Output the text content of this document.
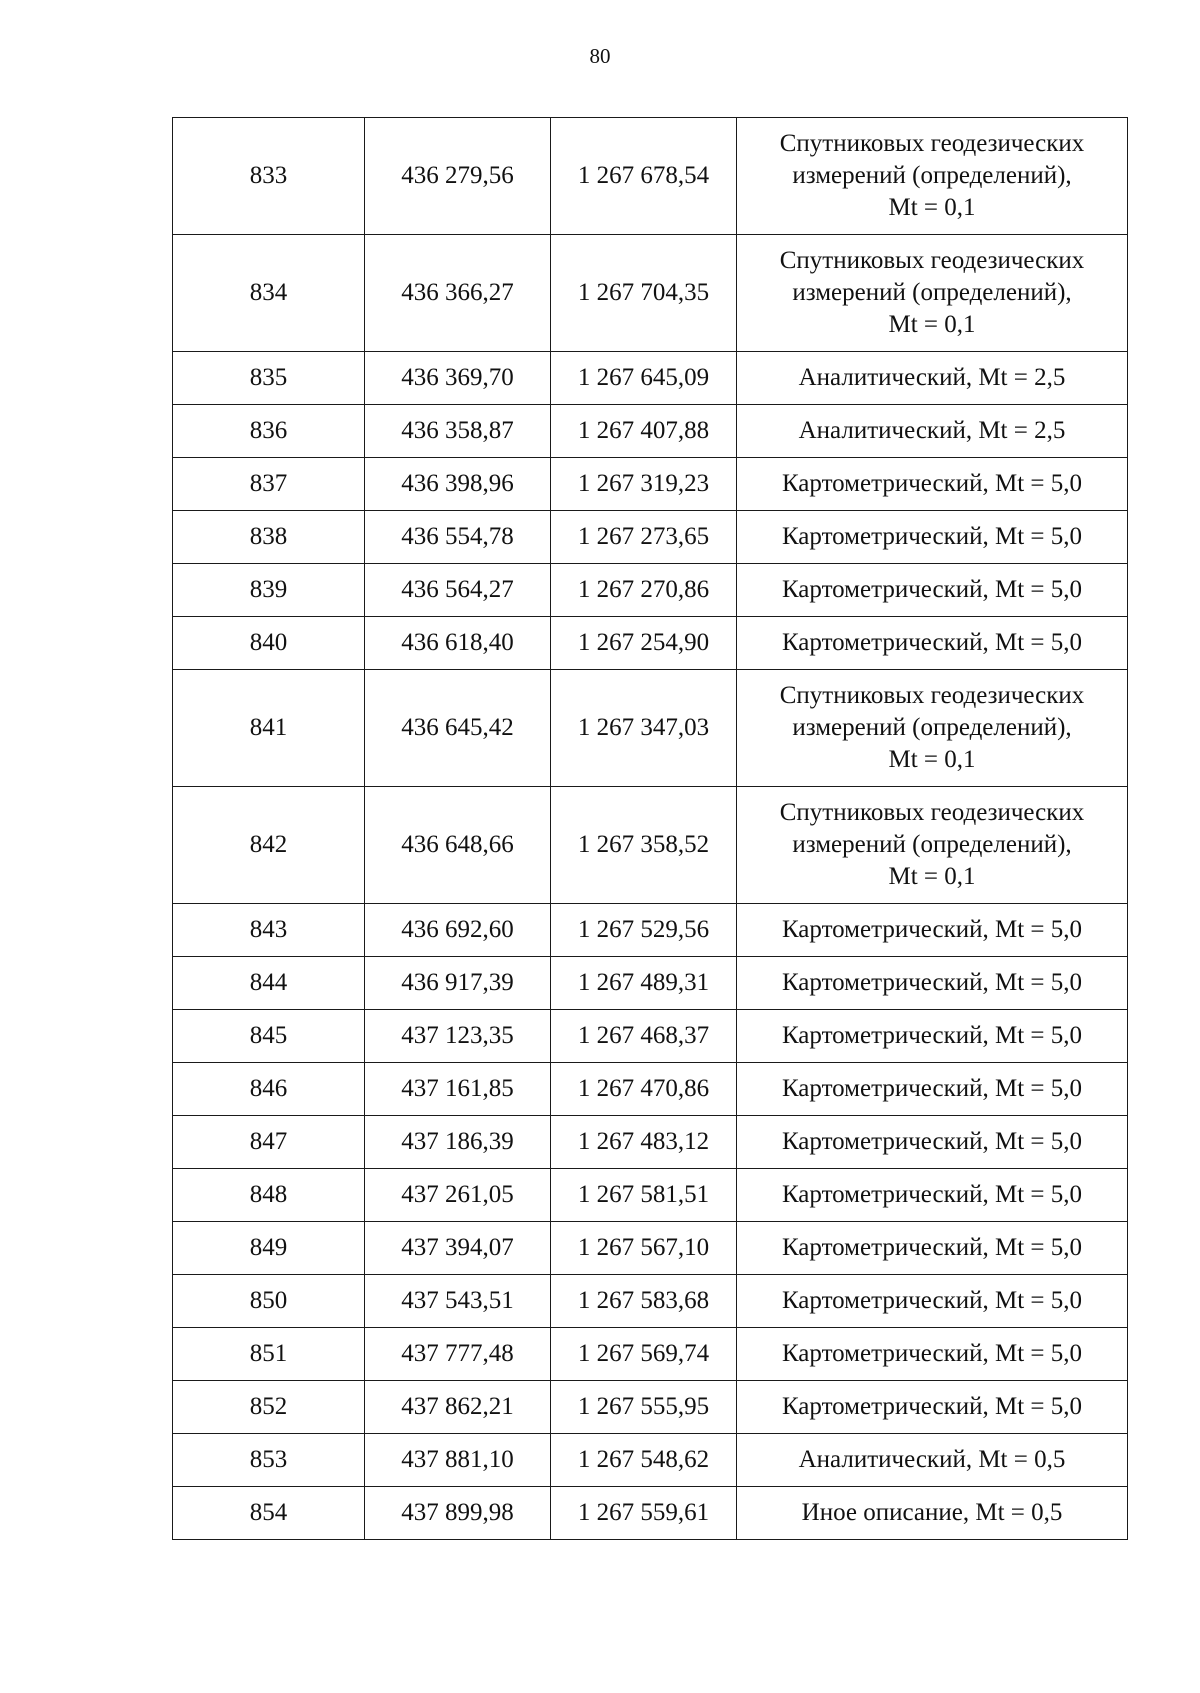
80
833	436 279,56	1 267 678,54	Спутниковых геодезических
измерений (определений),
Mt = 0,1
834	436 366,27	1 267 704,35	Спутниковых геодезических
измерений (определений),
Mt = 0,1
835	436 369,70	1 267 645,09	Аналитический, Mt = 2,5
836	436 358,87	1 267 407,88	Аналитический, Mt = 2,5
837	436 398,96	1 267 319,23	Картометрический, Mt = 5,0
838	436 554,78	1 267 273,65	Картометрический, Mt = 5,0
839	436 564,27	1 267 270,86	Картометрический, Mt = 5,0
840	436 618,40	1 267 254,90	Картометрический, Mt = 5,0
841	436 645,42	1 267 347,03	Спутниковых геодезических
измерений (определений),
Mt = 0,1
842	436 648,66	1 267 358,52	Спутниковых геодезических
измерений (определений),
Mt = 0,1
843	436 692,60	1 267 529,56	Картометрический, Mt = 5,0
844	436 917,39	1 267 489,31	Картометрический, Mt = 5,0
845	437 123,35	1 267 468,37	Картометрический, Mt = 5,0
846	437 161,85	1 267 470,86	Картометрический, Mt = 5,0
847	437 186,39	1 267 483,12	Картометрический, Mt = 5,0
848	437 261,05	1 267 581,51	Картометрический, Mt = 5,0
849	437 394,07	1 267 567,10	Картометрический, Mt = 5,0
850	437 543,51	1 267 583,68	Картометрический, Mt = 5,0
851	437 777,48	1 267 569,74	Картометрический, Mt = 5,0
852	437 862,21	1 267 555,95	Картометрический, Mt = 5,0
853	437 881,10	1 267 548,62	Аналитический, Mt = 0,5
854	437 899,98	1 267 559,61	Иное описание, Mt = 0,5
